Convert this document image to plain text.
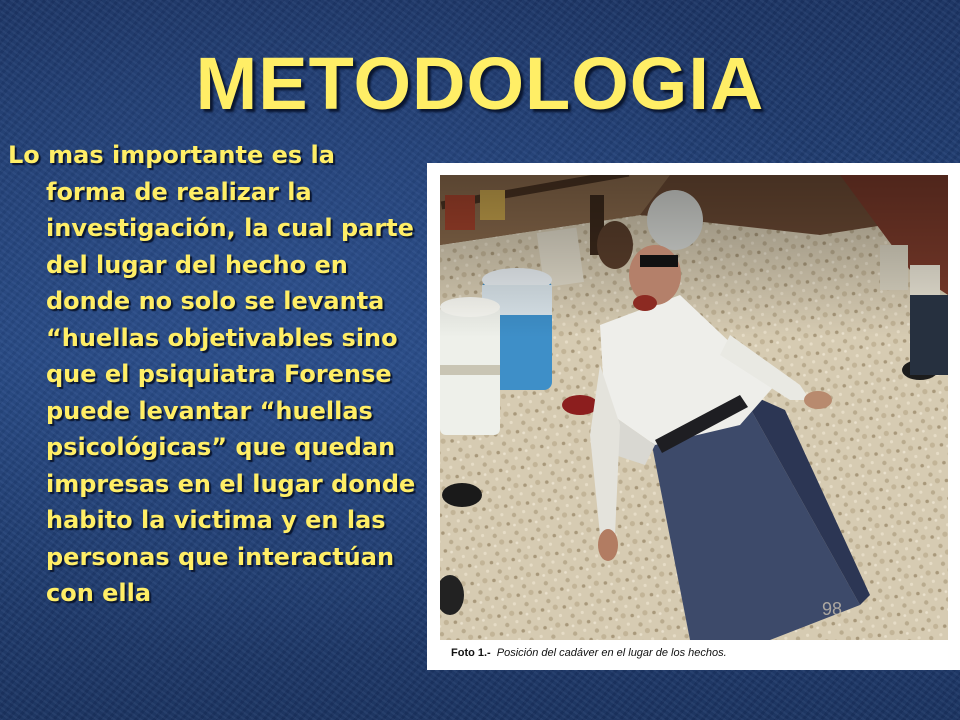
METODOLOGIA

Lo mas importante es la forma de realizar la investigación, la cual parte del lugar del hecho en donde no solo se levanta “huellas objetivables sino que el psiquiatra Forense puede levantar “huellas psicológicas” que quedan impresas en el lugar donde habito la victima y en las personas que interactúan con ella

98
Foto 1.- Posición del cadáver en el lugar de los hechos.
